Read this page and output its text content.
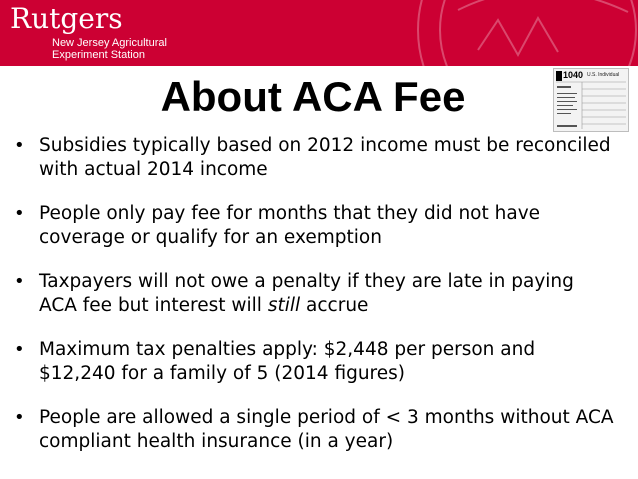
Rutgers
New Jersey Agricultural
Experiment Station
About ACA Fee	1040 U.S. Individual
• Subsidies typically based on 2012 income must be reconciled with actual 2014 income
• People only pay fee for months that they did not have coverage or qualify for an exemption
• Taxpayers will not owe a penalty if they are late in paying ACA fee but interest will still accrue
• Maximum tax penalties apply: $2,448 per person and $12,240 for a family of 5 (2014 figures)
• People are allowed a single period of < 3 months without ACA compliant health insurance (in a year)
